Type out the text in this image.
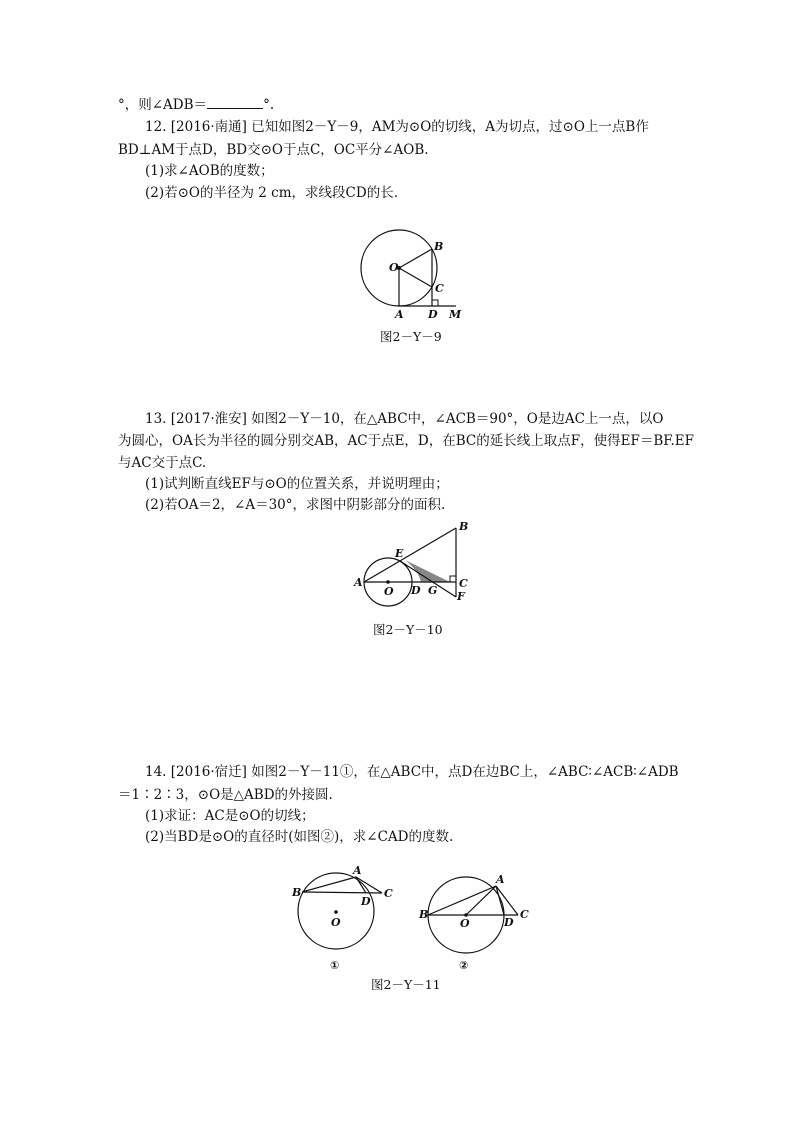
°，则∠ADB＝	°.
12. [2016·南通] 已知如图2－Y－9，AM为⊙O的切线，A为切点，过⊙O上一点B作
BD⊥AM于点D，BD交⊙O于点C，OC平分∠AOB.
(1)求∠AOB的度数；
(2)若⊙O的半径为 2 cm，求线段CD的长.
O
B
C
A D M
图2－Y－9
13. [2017·淮安] 如图2－Y－10，在△ABC中，∠ACB＝90°，O是边AC上一点，以O
为圆心，OA长为半径的圆分别交AB，AC于点E，D，在BC的延长线上取点F，使得EF＝BF.EF
与AC交于点C.
(1)试判断直线EF与⊙O的位置关系，并说明理由；
(2)若OA＝2，∠A＝30°，求图中阴影部分的面积.
A
E
B
C
F
O D G
图2－Y－10
14. [2016·宿迁] 如图2－Y－11①，在△ABC中，点D在边BC上，∠ABC∶∠ACB∶∠ADB
＝1∶2∶3，⊙O是△ABD的外接圆.
(1)求证：AC是⊙O的切线；
(2)当BD是⊙O的直径时(如图②)，求∠CAD的度数.
B
A
C
D
O
①
B
A
C
D
O
②
图2－Y－11
